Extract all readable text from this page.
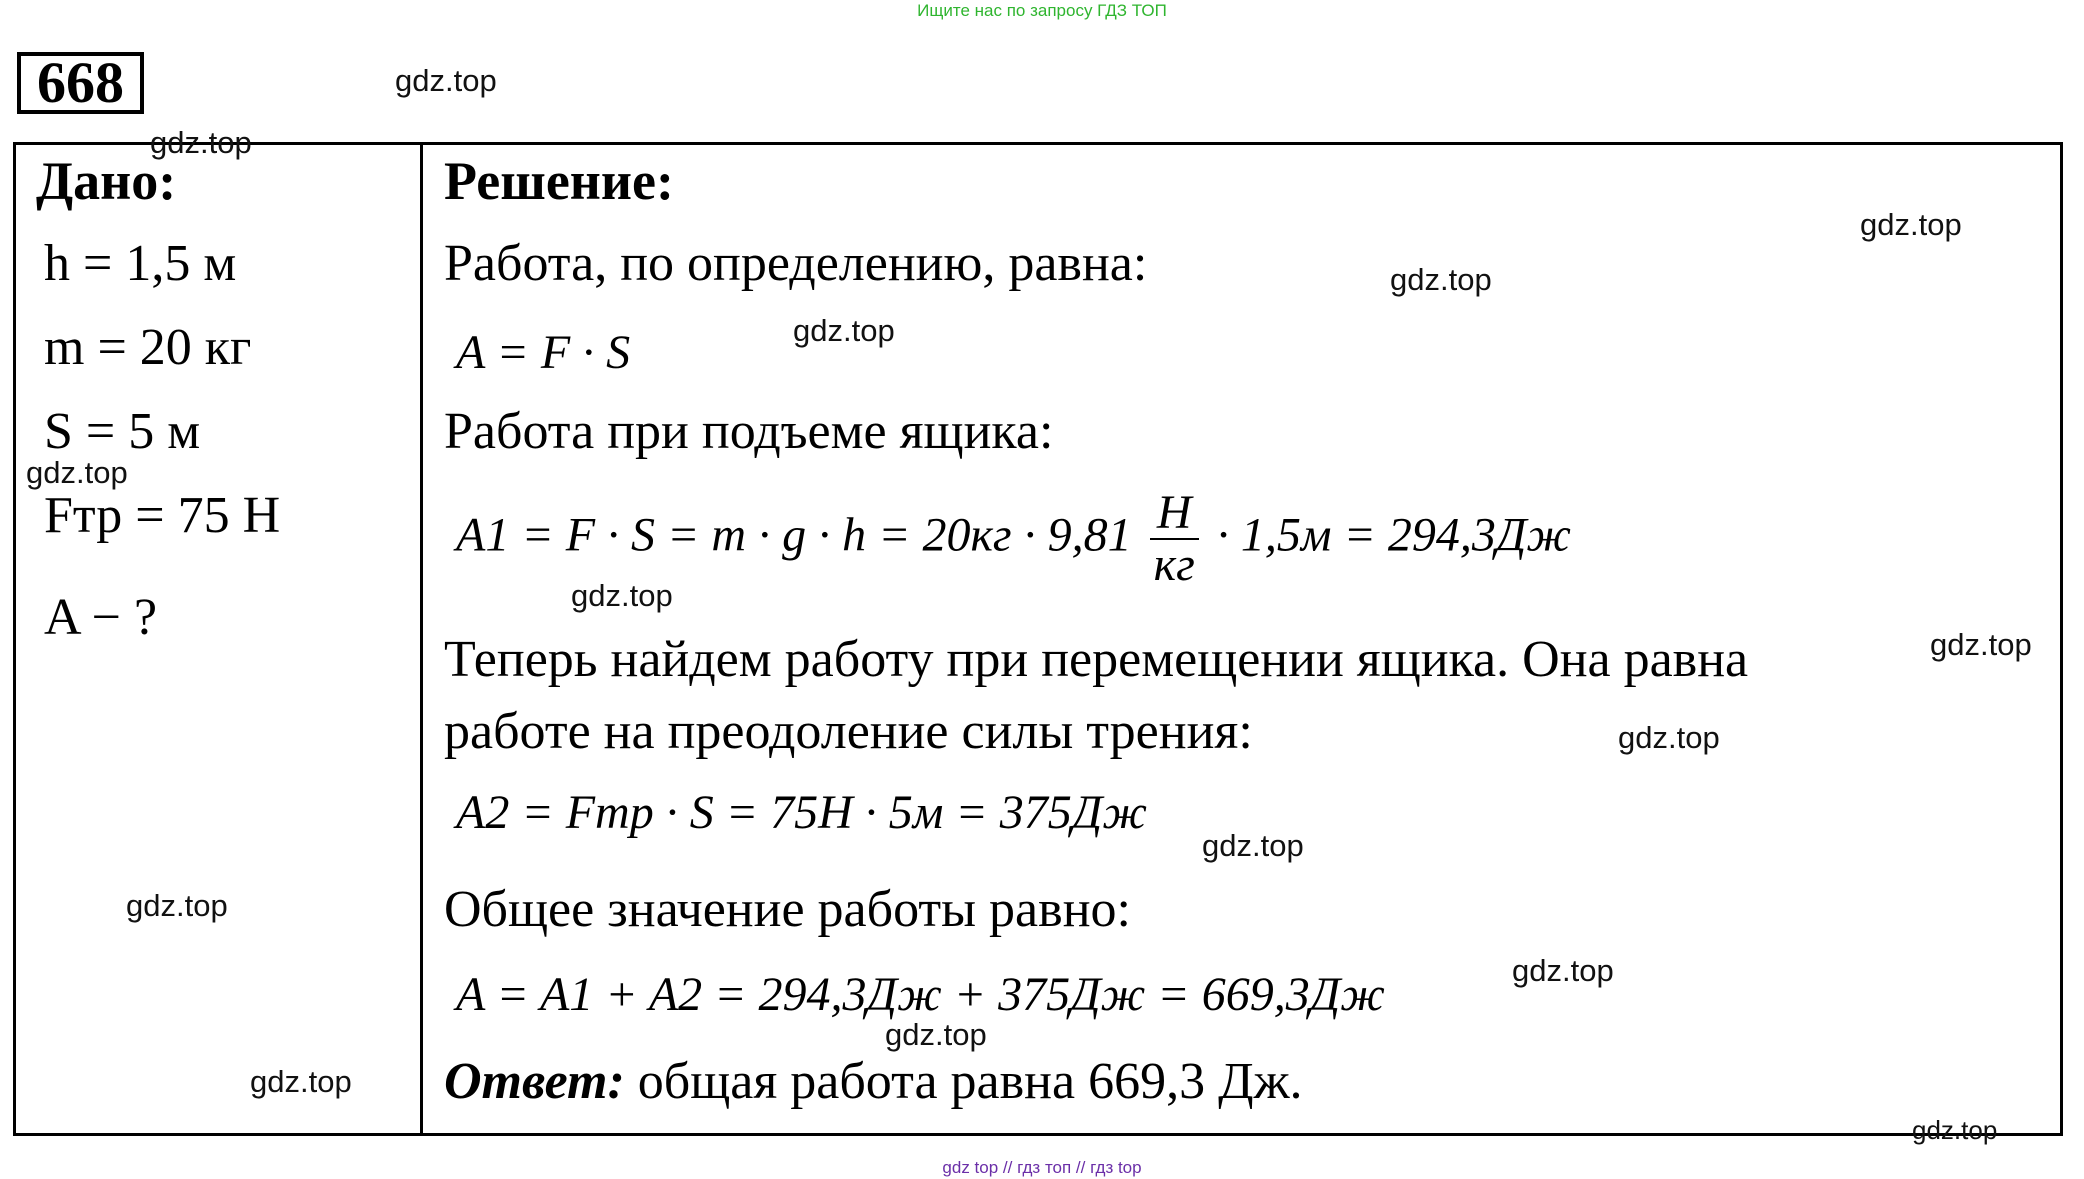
Ищите нас по запросу ГДЗ ТОП
668
Дано:
h = 1,5 м
m = 20 кг
S = 5 м
Fтр = 75 Н
A − ?
Решение:
Работа, по определению, равна:
A = F · S
Работа при подъеме ящика:
$A1 = F \cdot S = m \cdot g \cdot h = 20кг \cdot 9,81 \frac{Н}{кг} \cdot 1,5м = 294,3Дж$
Теперь найдем работу при перемещении ящика. Она равна
работе на преодоление силы трения:
A2 = Fтр · S = 75Н · 5м = 375Дж
Общее значение работы равно:
A = A1 + A2 = 294,3Дж + 375Дж = 669,3Дж
Ответ: общая работа равна 669,3 Дж.
gdz.top
gdz.top
gdz.top
gdz.top
gdz.top
gdz.top
gdz.top
gdz.top
gdz.top
gdz.top
gdz.top
gdz.top
gdz.top
gdz.top
gdz.top
gdz top // гдз топ // гдз top
